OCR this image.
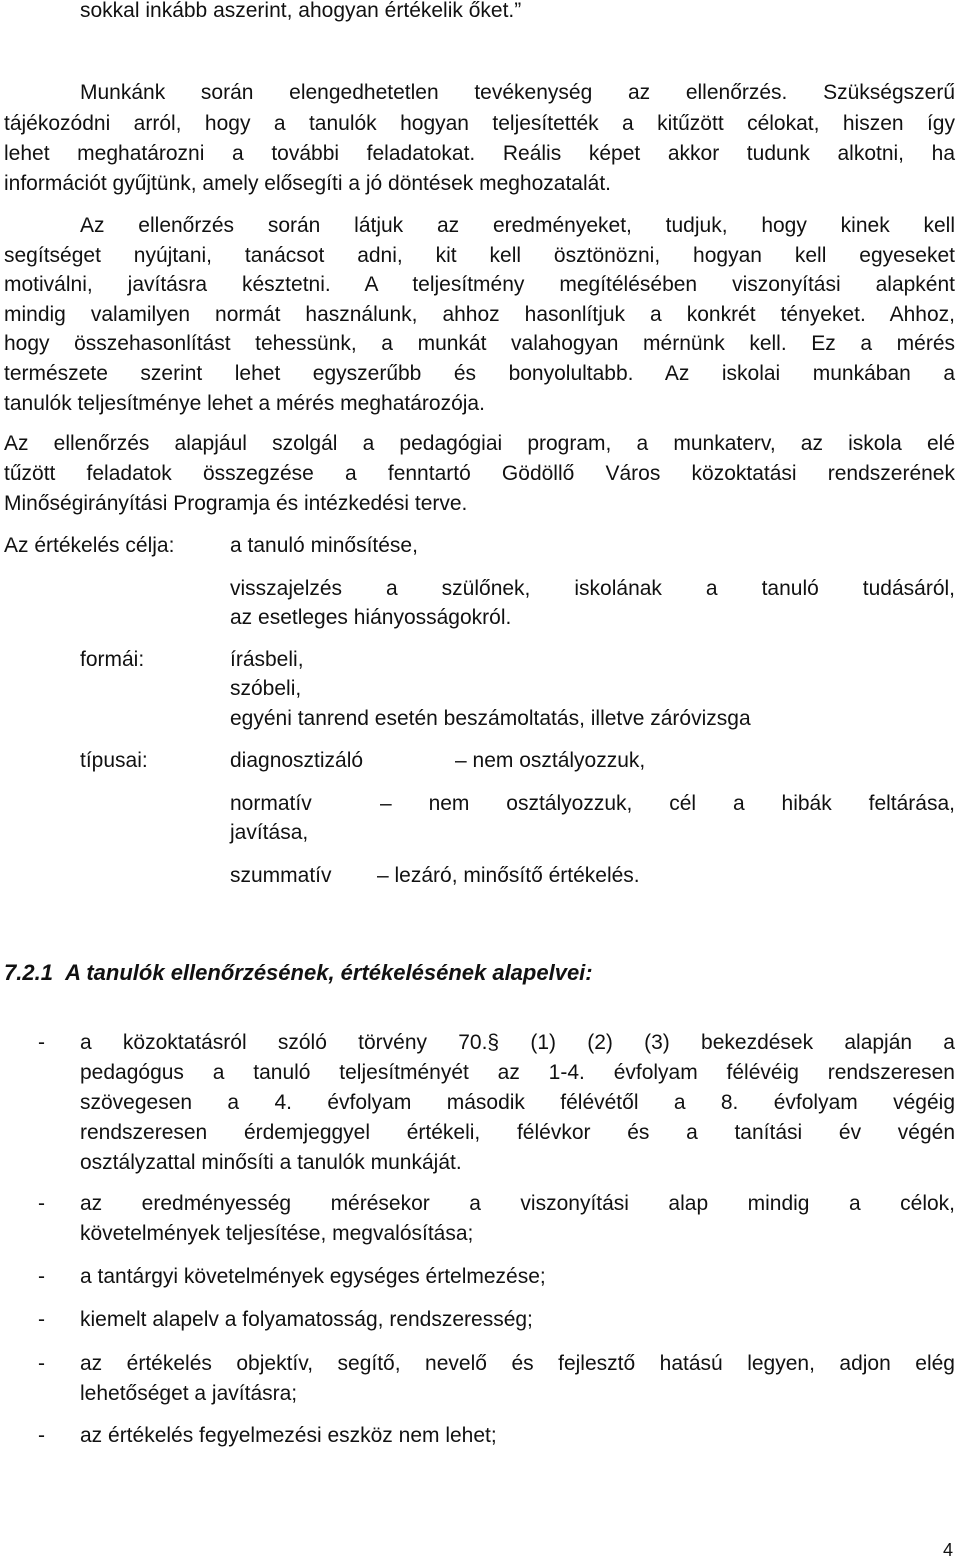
sokkal inkább aszerint, ahogyan értékelik őket.”
Munkánk során elengedhetetlen tevékenység az ellenőrzés. Szükségszerű
tájékozódni arról, hogy a tanulók hogyan teljesítették a kitűzött célokat, hiszen így
lehet meghatározni a további feladatokat. Reális képet akkor tudunk alkotni, ha
információt gyűjtünk, amely elősegíti a jó döntések meghozatalát.
Az ellenőrzés során látjuk az eredményeket, tudjuk, hogy kinek kell
segítséget nyújtani, tanácsot adni, kit kell ösztönözni, hogyan kell egyeseket
motiválni, javításra késztetni. A teljesítmény megítélésében viszonyítási alapként
mindig valamilyen normát használunk, ahhoz hasonlítjuk a konkrét tényeket. Ahhoz,
hogy összehasonlítást tehessünk, a munkát valahogyan mérnünk kell. Ez a mérés
természete szerint lehet egyszerűbb és bonyolultabb. Az iskolai munkában a
tanulók teljesítménye lehet a mérés meghatározója.
Az ellenőrzés alapjául szolgál a pedagógiai program, a munkaterv, az iskola elé
tűzött feladatok összegzése a fenntartó Gödöllő Város közoktatási rendszerének
Minőségirányítási Programja és intézkedési terve.
Az értékelés célja:	a tanuló minősítése,
visszajelzés a szülőnek, iskolának a tanuló tudásáról,
az esetleges hiányosságokról.
formái:	írásbeli,
szóbeli,
egyéni tanrend esetén beszámoltatás, illetve záróvizsga
típusai:	diagnosztizáló	– nem osztályozzuk,
normatív	– nem osztályozzuk, cél a hibák feltárása,
javítása,
szummatív – lezáró, minősítő értékelés.
7.2.1 A tanulók ellenőrzésének, értékelésének alapelvei:
- a közoktatásról szóló törvény 70.§ (1) (2) (3) bekezdések alapján a
pedagógus a tanuló teljesítményét az 1-4. évfolyam félévéig rendszeresen
szövegesen a 4. évfolyam második félévétől a 8. évfolyam végéig
rendszeresen érdemjeggyel értékeli, félévkor és a tanítási év végén
osztályzattal minősíti a tanulók munkáját.
- az eredményesség mérésekor a viszonyítási alap mindig a célok,
követelmények teljesítése, megvalósítása;
- a tantárgyi követelmények egységes értelmezése;
- kiemelt alapelv a folyamatosság, rendszeresség;
- az értékelés objektív, segítő, nevelő és fejlesztő hatású legyen, adjon elég
lehetőséget a javításra;
- az értékelés fegyelmezési eszköz nem lehet;
4
